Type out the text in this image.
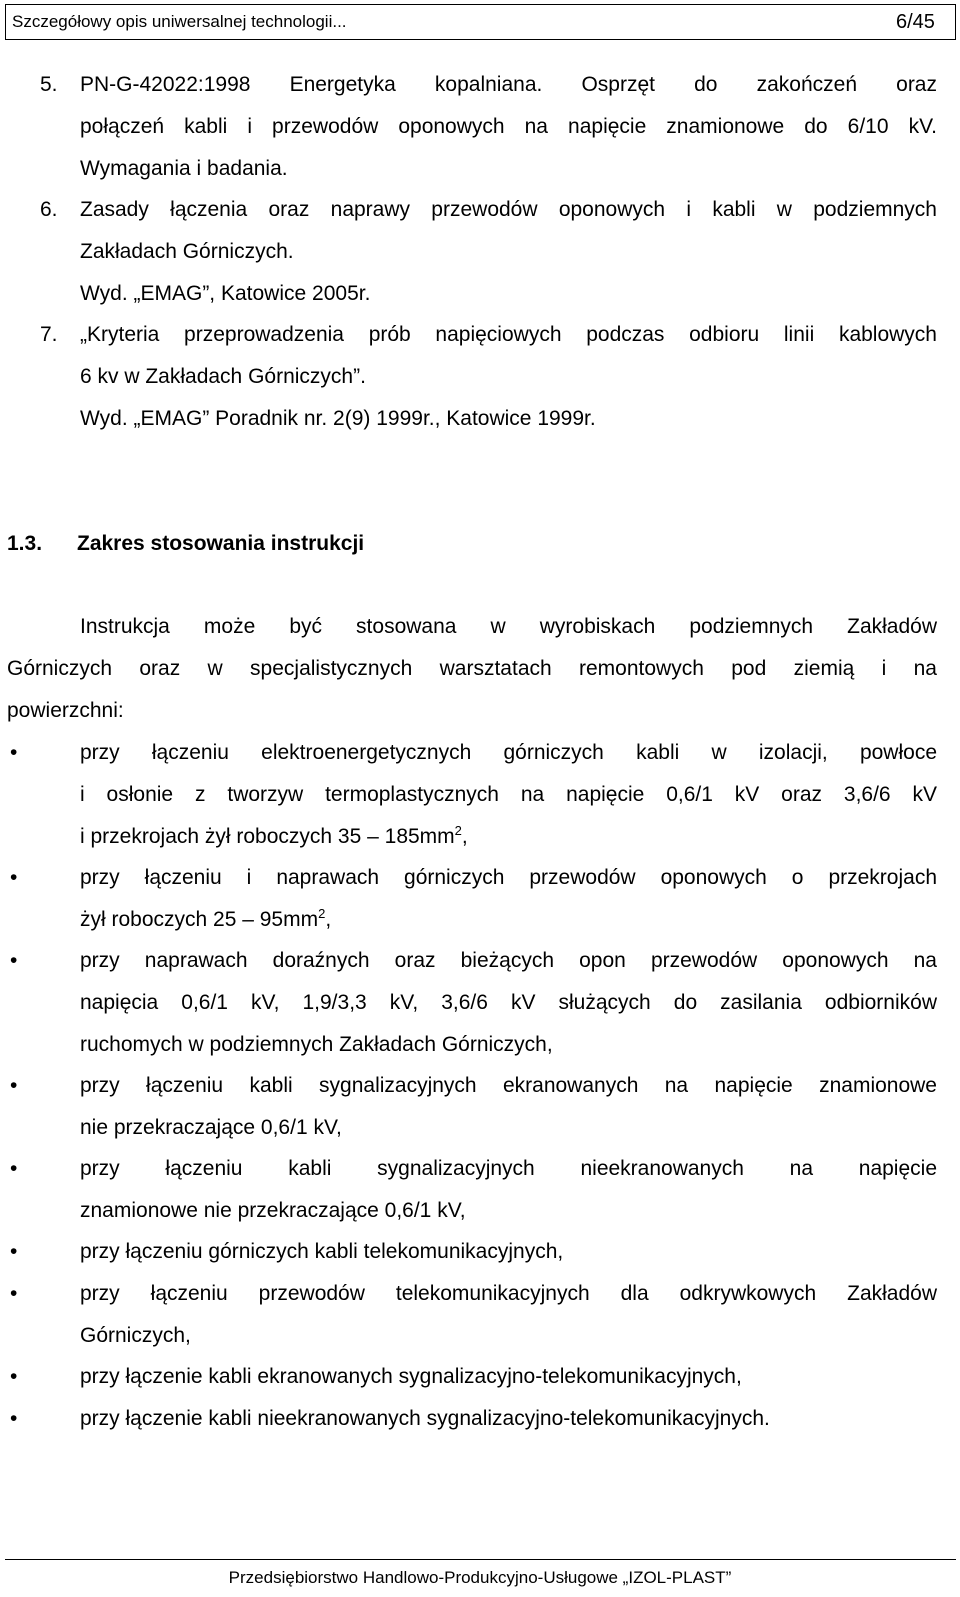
Szczegółowy opis uniwersalnej technologii...	6/45
5. PN-G-42022:1998 Energetyka kopalniana. Osprzęt do zakończeń oraz
połączeń kabli i przewodów oponowych na napięcie znamionowe do 6/10 kV.
Wymagania i badania.
6. Zasady łączenia oraz naprawy przewodów oponowych i kabli w podziemnych
Zakładach Górniczych.
Wyd. „EMAG”, Katowice 2005r.
7. „Kryteria przeprowadzenia prób napięciowych podczas odbioru linii kablowych
6 kv w Zakładach Górniczych”.
Wyd. „EMAG” Poradnik nr. 2(9) 1999r., Katowice 1999r.
1.3. Zakres stosowania instrukcji
Instrukcja może być stosowana w wyrobiskach podziemnych Zakładów
Górniczych oraz w specjalistycznych warsztatach remontowych pod ziemią i na
powierzchni:
•	przy łączeniu elektroenergetycznych górniczych kabli w izolacji, powłoce
i osłonie z tworzyw termoplastycznych na napięcie 0,6/1 kV oraz 3,6/6 kV
i przekrojach żył roboczych $35 - 185mm^2$,
•	przy łączeniu i naprawach górniczych przewodów oponowych o przekrojach
żył roboczych $25 - 95mm^2$,
•	przy naprawach doraźnych oraz bieżących opon przewodów oponowych na
napięcia 0,6/1 kV, 1,9/3,3 kV, 3,6/6 kV służących do zasilania odbiorników
ruchomych w podziemnych Zakładach Górniczych,
•	przy łączeniu kabli sygnalizacyjnych ekranowanych na napięcie znamionowe
nie przekraczające 0,6/1 kV,
•	przy łączeniu kabli sygnalizacyjnych nieekranowanych na napięcie
znamionowe nie przekraczające 0,6/1 kV,
•	przy łączeniu górniczych kabli telekomunikacyjnych,
•	przy łączeniu przewodów telekomunikacyjnych dla odkrywkowych Zakładów
Górniczych,
•	przy łączenie kabli ekranowanych sygnalizacyjno-telekomunikacyjnych,
•	przy łączenie kabli nieekranowanych sygnalizacyjno-telekomunikacyjnych.
Przedsiębiorstwo Handlowo-Produkcyjno-Usługowe „IZOL-PLAST”
